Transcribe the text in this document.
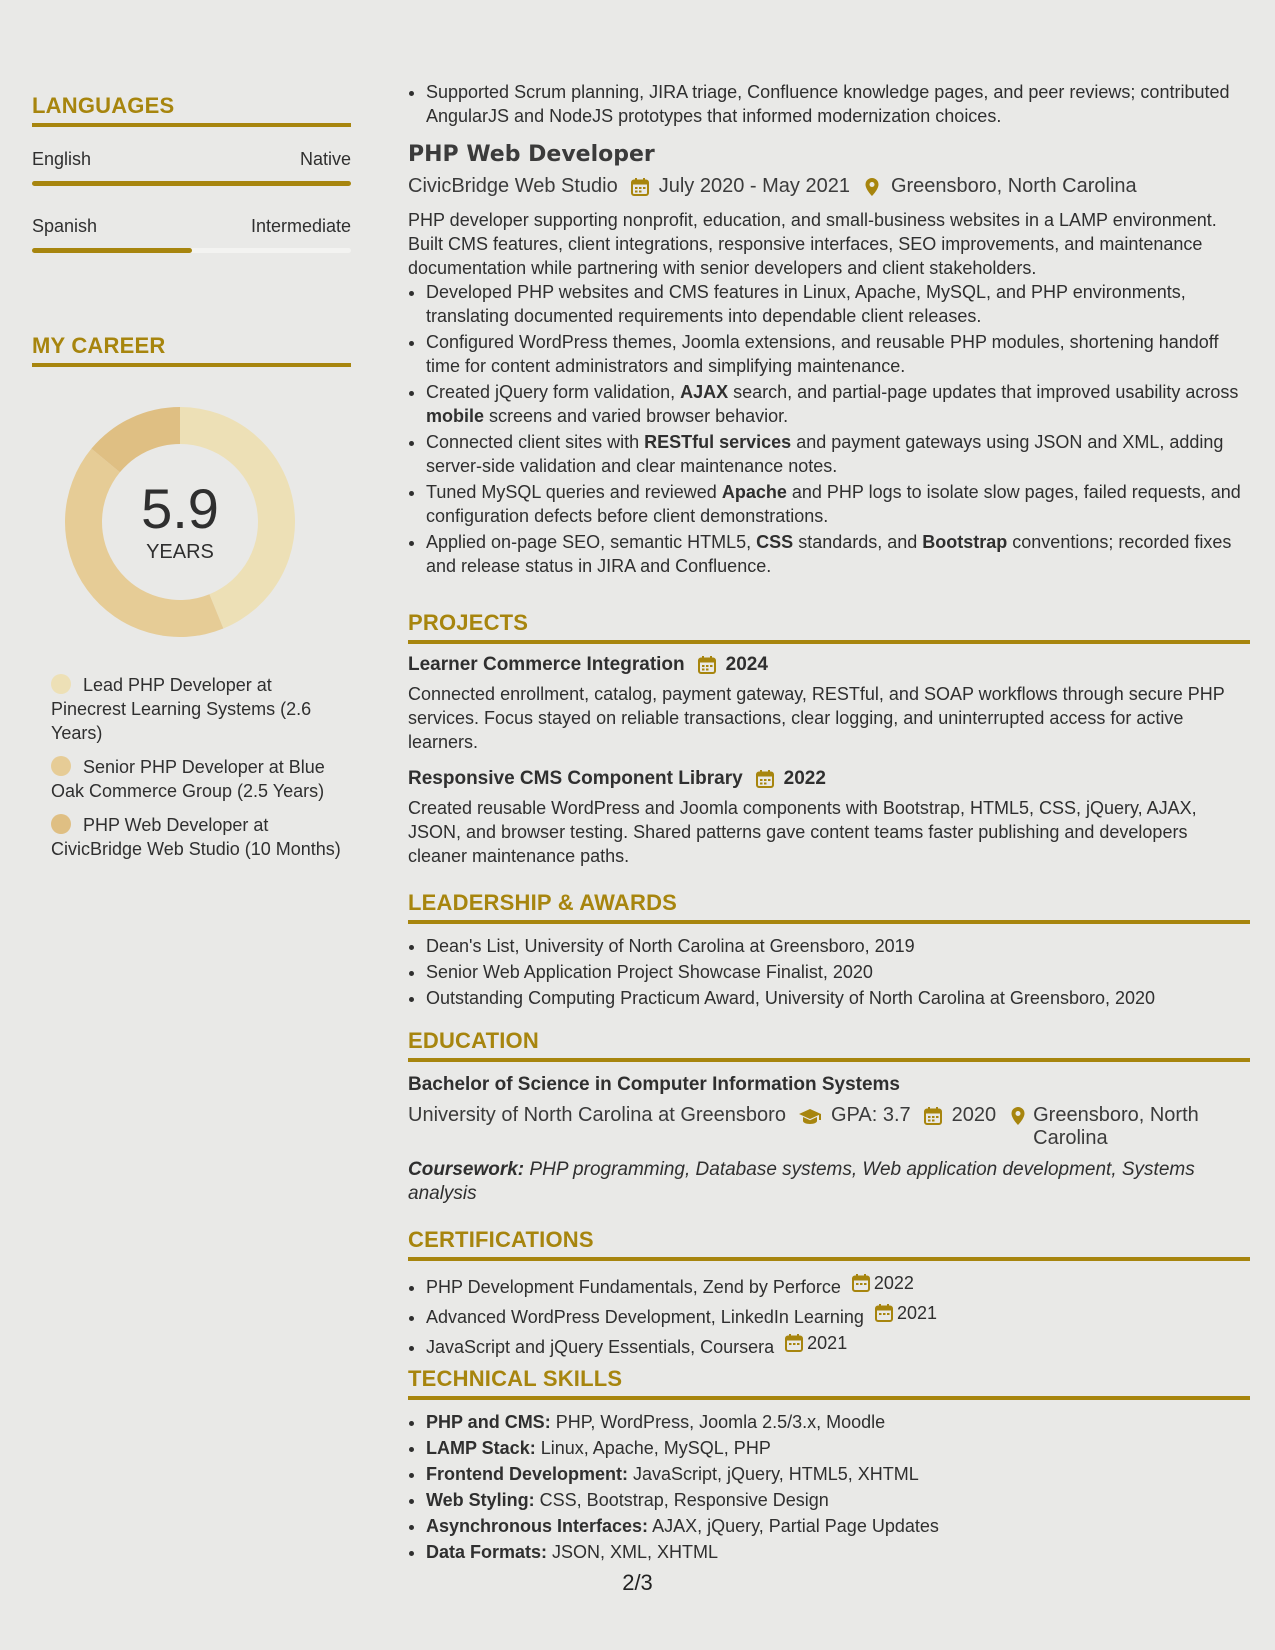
LANGUAGES
English	Native
Spanish	Intermediate
MY CAREER
5.9
YEARS
Lead PHP Developer at Pinecrest Learning Systems (2.6 Years)
Senior PHP Developer at Blue Oak Commerce Group (2.5 Years)
PHP Web Developer at CivicBridge Web Studio (10 Months)
• Supported Scrum planning, JIRA triage, Confluence knowledge pages, and peer reviews; contributed AngularJS and NodeJS prototypes that informed modernization choices.
PHP Web Developer
CivicBridge Web Studio July 2020 - May 2021 Greensboro, North Carolina

PHP developer supporting nonprofit, education, and small-business websites in a LAMP environment. Built CMS features, client integrations, responsive interfaces, SEO improvements, and maintenance documentation while partnering with senior developers and client stakeholders.

• Developed PHP websites and CMS features in Linux, Apache, MySQL, and PHP environments, translating documented requirements into dependable client releases.
• Configured WordPress themes, Joomla extensions, and reusable PHP modules, shortening handoff time for content administrators and simplifying maintenance.
• Created jQuery form validation, AJAX search, and partial-page updates that improved usability across mobile screens and varied browser behavior.
• Connected client sites with RESTful services and payment gateways using JSON and XML, adding server-side validation and clear maintenance notes.
• Tuned MySQL queries and reviewed Apache and PHP logs to isolate slow pages, failed requests, and configuration defects before client demonstrations.
• Applied on-page SEO, semantic HTML5, CSS standards, and Bootstrap conventions; recorded fixes and release status in JIRA and Confluence.
PROJECTS
Learner Commerce Integration 2024

Connected enrollment, catalog, payment gateway, RESTful, and SOAP workflows through secure PHP services. Focus stayed on reliable transactions, clear logging, and uninterrupted access for active learners.

Responsive CMS Component Library 2022

Created reusable WordPress and Joomla components with Bootstrap, HTML5, CSS, jQuery, AJAX, JSON, and browser testing. Shared patterns gave content teams faster publishing and developers cleaner maintenance paths.

LEADERSHIP & AWARDS
• Dean's List, University of North Carolina at Greensboro, 2019
• Senior Web Application Project Showcase Finalist, 2020
• Outstanding Computing Practicum Award, University of North Carolina at Greensboro, 2020
EDUCATION
Bachelor of Science in Computer Information Systems
University of North Carolina at Greensboro GPA: 3.7 2020 Greensboro, North Carolina

Coursework: PHP programming, Database systems, Web application development, Systems analysis

CERTIFICATIONS
• PHP Development Fundamentals, Zend by Perforce 2022
• Advanced WordPress Development, LinkedIn Learning 2021
• JavaScript and jQuery Essentials, Coursera 2021
TECHNICAL SKILLS
• PHP and CMS: PHP, WordPress, Joomla 2.5/3.x, Moodle
• LAMP Stack: Linux, Apache, MySQL, PHP
• Frontend Development: JavaScript, jQuery, HTML5, XHTML
• Web Styling: CSS, Bootstrap, Responsive Design
• Asynchronous Interfaces: AJAX, jQuery, Partial Page Updates
• Data Formats: JSON, XML, XHTML
2/3
